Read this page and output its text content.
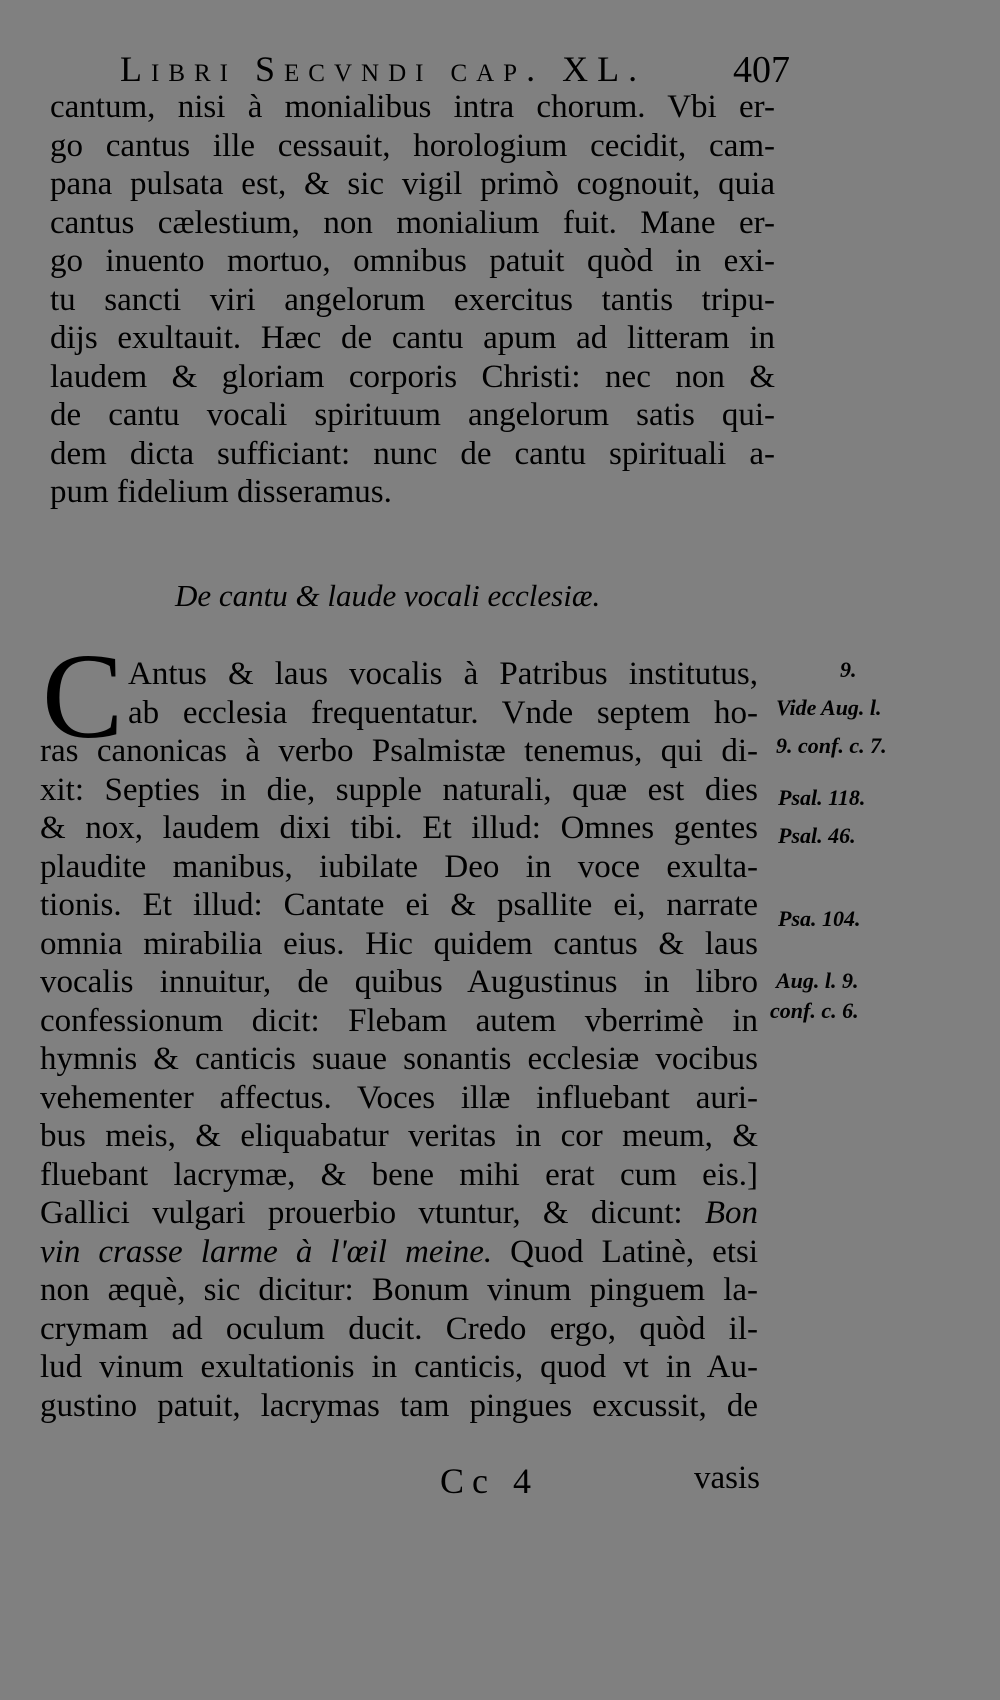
Libri Secvndi cap. XL. 407
cantum, nisi à monialibus intra chorum. Vbi er-
go cantus ille cessauit, horologium cecidit, cam-
pana pulsata est, & sic vigil primò cognouit, quia
cantus cælestium, non monialium fuit. Mane er-
go inuento mortuo, omnibus patuit quòd in exi-
tu sancti viri angelorum exercitus tantis tripu-
dijs exultauit. Hæc de cantu apum ad litteram in
laudem & gloriam corporis Christi: nec non &
de cantu vocali spirituum angelorum satis qui-
dem dicta sufficiant: nunc de cantu spirituali a-
pum fidelium disseramus.
De cantu & laude vocali ecclesiæ.
C Antus & laus vocalis à Patribus institutus,
ab ecclesia frequentatur. Vnde septem ho-
ras canonicas à verbo Psalmistæ tenemus, qui di-
xit: Septies in die, supple naturali, quæ est dies
& nox, laudem dixi tibi. Et illud: Omnes gentes
plaudite manibus, iubilate Deo in voce exulta-
tionis. Et illud: Cantate ei & psallite ei, narrate
omnia mirabilia eius. Hic quidem cantus & laus
vocalis innuitur, de quibus Augustinus in libro
confessionum dicit: Flebam autem vberrimè in
hymnis & canticis suaue sonantis ecclesiæ vocibus
vehementer affectus. Voces illæ influebant auri-
bus meis, & eliquabatur veritas in cor meum, &
fluebant lacrymæ, & bene mihi erat cum eis.]
Gallici vulgari prouerbio vtuntur, & dicunt: Bon
vin crasse larme à l'œil meine. Quod Latinè, etsi
non æquè, sic dicitur: Bonum vinum pinguem la-
crymam ad oculum ducit. Credo ergo, quòd il-
lud vinum exultationis in canticis, quod vt in Au-
gustino patuit, lacrymas tam pingues excussit, de
9.
Vide Aug. l.
9. conf. c. 7.
Psal. 118.
Psal. 46.
Psa. 104.
Aug. l. 9.
conf. c. 6.
Cc 4	vasis
